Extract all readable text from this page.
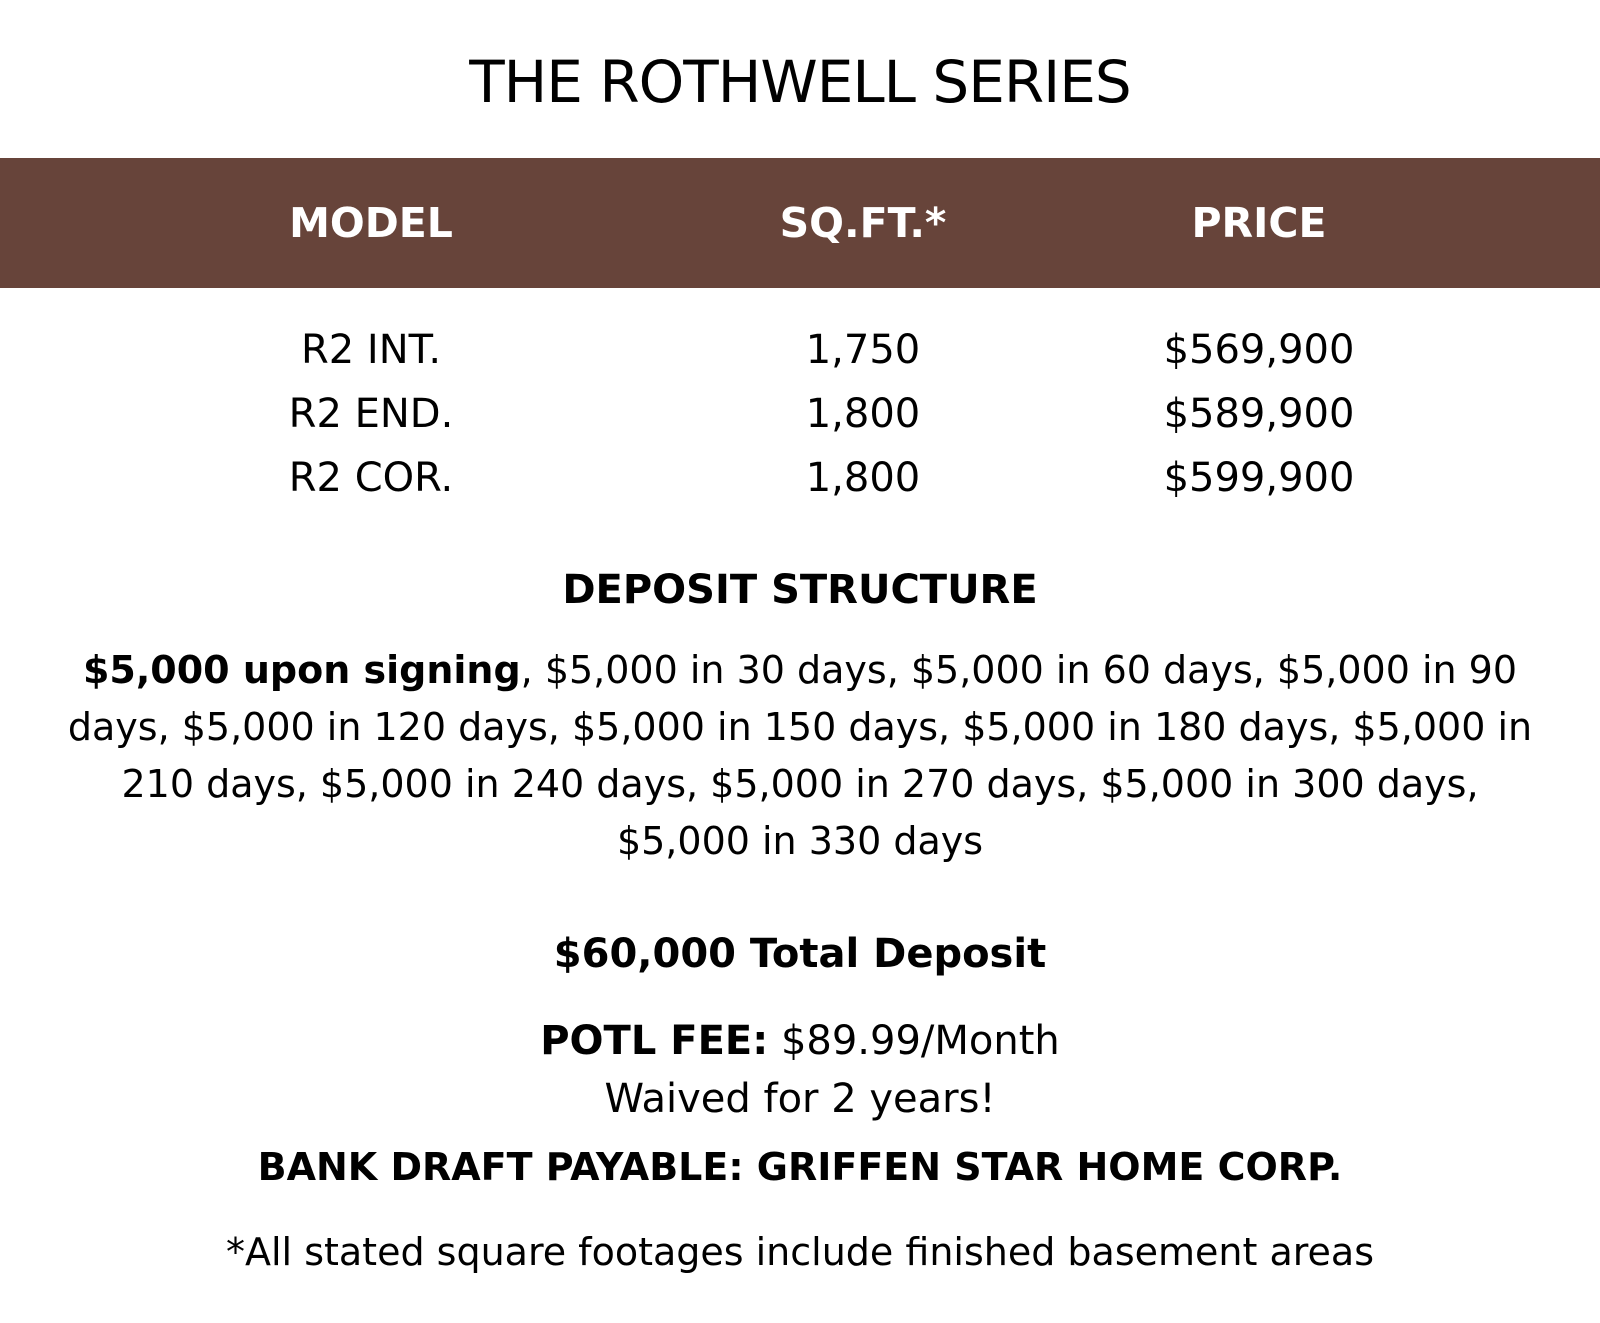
THE ROTHWELL SERIES
MODEL	SQ.FT.*	PRICE
R2 INT.	1,750	$569,900
R2 END.	1,800	$589,900
R2 COR.	1,800	$599,900
DEPOSIT STRUCTURE
$5,000 upon signing, $5,000 in 30 days, $5,000 in 60 days, $5,000 in 90 days, $5,000 in 120 days, $5,000 in 150 days, $5,000 in 180 days, $5,000 in 210 days, $5,000 in 240 days, $5,000 in 270 days, $5,000 in 300 days, $5,000 in 330 days
$60,000 Total Deposit
POTL FEE: $89.99/Month
Waived for 2 years!
BANK DRAFT PAYABLE: GRIFFEN STAR HOME CORP.
*All stated square footages include finished basement areas
